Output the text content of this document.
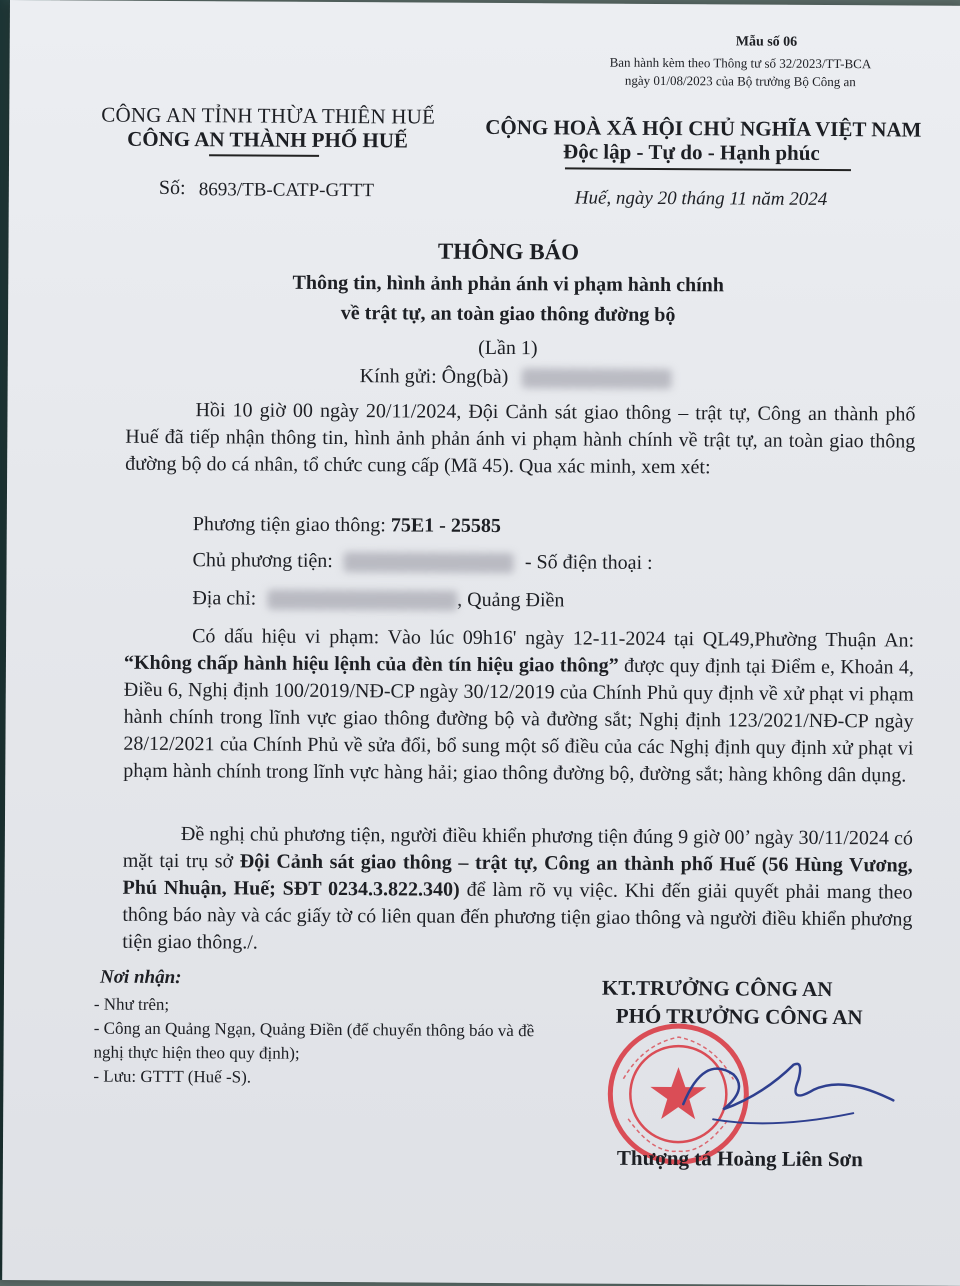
Mẫu số 06
Ban hành kèm theo Thông tư số 32/2023/TT-BCA
ngày 01/08/2023 của Bộ trưởng Bộ Công an
CÔNG AN TỈNH THỪA THIÊN HUẾ
CÔNG AN THÀNH PHỐ HUẾ	CỘNG HOÀ XÃ HỘI CHỦ NGHĨA VIỆT NAM
Độc lập - Tự do - Hạnh phúc
Số: 8693/TB-CATP-GTTT	Huế, ngày 20 tháng 11 năm 2024
THÔNG BÁO
Thông tin, hình ảnh phản ánh vi phạm hành chính
về trật tự, an toàn giao thông đường bộ
(Lần 1)
Kính gửi: Ông(bà)
Hồi 10 giờ 00 ngày 20/11/2024, Đội Cảnh sát giao thông – trật tự, Công an thành phố Huế đã tiếp nhận thông tin, hình ảnh phản ánh vi phạm hành chính về trật tự, an toàn giao thông đường bộ do cá nhân, tổ chức cung cấp (Mã 45). Qua xác minh, xem xét:
Phương tiện giao thông: 75E1 - 25585
Chủ phương tiện:	- Số điện thoại :
Địa chỉ:	, Quảng Điền
Có dấu hiệu vi phạm: Vào lúc 09h16' ngày 12-11-2024 tại QL49,Phường Thuận An: “Không chấp hành hiệu lệnh của đèn tín hiệu giao thông” được quy định tại Điểm e, Khoản 4, Điều 6, Nghị định 100/2019/NĐ-CP ngày 30/12/2019 của Chính Phủ quy định về xử phạt vi phạm hành chính trong lĩnh vực giao thông đường bộ và đường sắt; Nghị định 123/2021/NĐ-CP ngày 28/12/2021 của Chính Phủ về sửa đổi, bổ sung một số điều của các Nghị định quy định xử phạt vi phạm hành chính trong lĩnh vực hàng hải; giao thông đường bộ, đường sắt; hàng không dân dụng.
Đề nghị chủ phương tiện, người điều khiển phương tiện đúng 9 giờ 00’ ngày 30/11/2024 có mặt tại trụ sở Đội Cảnh sát giao thông – trật tự, Công an thành phố Huế (56 Hùng Vương, Phú Nhuận, Huế; SĐT 0234.3.822.340) để làm rõ vụ việc. Khi đến giải quyết phải mang theo thông báo này và các giấy tờ có liên quan đến phương tiện giao thông và người điều khiển phương tiện giao thông./.
Nơi nhận:
- Như trên;
- Công an Quảng Ngạn, Quảng Điền (để chuyển thông báo và đề nghị thực hiện theo quy định);
- Lưu: GTTT (Huế -S).
KT.TRƯỞNG CÔNG AN
PHÓ TRƯỞNG CÔNG AN
Thượng tá Hoàng Liên Sơn
